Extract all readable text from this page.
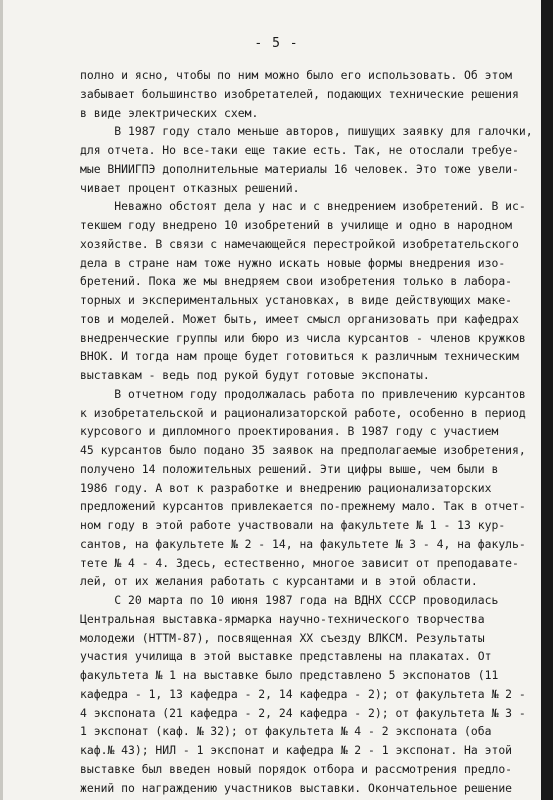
- 5 -
полно и ясно, чтобы по ним можно было его использовать. Об этом
забывает большинство изобретателей, подающих технические решения
в виде электрических схем.
В 1987 году стало меньше авторов, пишущих заявку для галочки,
для отчета. Но все-таки еще такие есть. Так, не отослали требуе-
мые ВНИИГПЭ дополнительные материалы 16 человек. Это тоже увели-
чивает процент отказных решений.
Неважно обстоят дела у нас и с внедрением изобретений. В ис-
текшем году внедрено 10 изобретений в училище и одно в народном
хозяйстве. В связи с намечающейся перестройкой изобретательского
дела в стране нам тоже нужно искать новые формы внедрения изо-
бретений. Пока же мы внедряем свои изобретения только в лабора-
торных и экспериментальных установках, в виде действующих маке-
тов и моделей. Может быть, имеет смысл организовать при кафедрах
внедренческие группы или бюро из числа курсантов - членов кружков
ВНОК. И тогда нам проще будет готовиться к различным техническим
выставкам - ведь под рукой будут готовые экспонаты.
В отчетном году продолжалась работа по привлечению курсантов
к изобретательской и рационализаторской работе, особенно в период
курсового и дипломного проектирования. В 1987 году с участием
45 курсантов было подано 35 заявок на предполагаемые изобретения,
получено 14 положительных решений. Эти цифры выше, чем были в
1986 году. А вот к разработке и внедрению рационализаторских
предложений курсантов привлекается по-прежнему мало. Так в отчет-
ном году в этой работе участвовали на факультете № 1 - 13 кур-
сантов, на факультете № 2 - 14, на факультете № 3 - 4, на факуль-
тете № 4 - 4. Здесь, естественно, многое зависит от преподавате-
лей, от их желания работать с курсантами и в этой области.
С 20 марта по 10 июня 1987 года на ВДНХ СССР проводилась
Центральная выставка-ярмарка научно-технического творчества
молодежи (НТТМ-87), посвященная XX съезду ВЛКСМ. Результаты
участия училища в этой выставке представлены на плакатах. От
факультета № 1 на выставке было представлено 5 экспонатов (11
кафедра - 1, 13 кафедра - 2, 14 кафедра - 2); от факультета № 2 -
4 экспоната (21 кафедра - 2, 24 кафедра - 2); от факультета № 3 -
1 экспонат (каф. № 32); от факультета № 4 - 2 экспоната (оба
каф.№ 43); НИЛ - 1 экспонат и кафедра № 2 - 1 экспонат. На этой
выставке был введен новый порядок отбора и рассмотрения предло-
жений по награждению участников выставки. Окончательное решение
